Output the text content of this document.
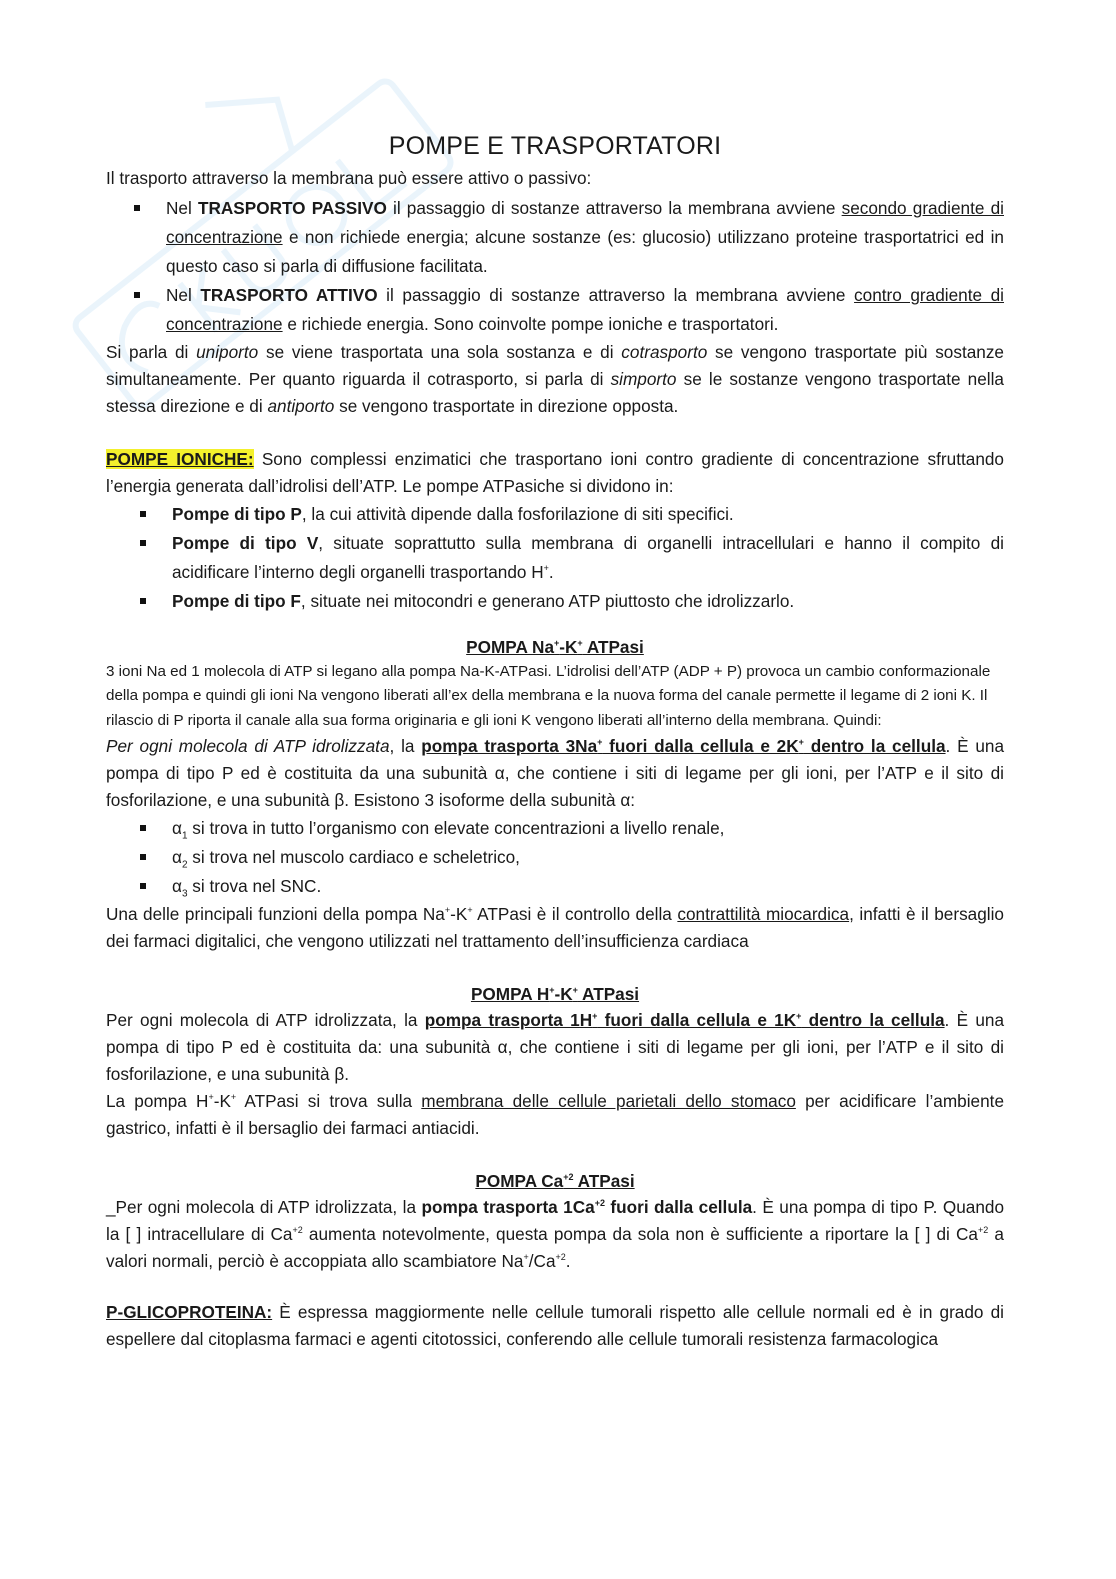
POMPE E TRASPORTATORI

Il trasporto attraverso la membrana può essere attivo o passivo:

Nel TRASPORTO PASSIVO il passaggio di sostanze attraverso la membrana avviene secondo gradiente di concentrazione e non richiede energia; alcune sostanze (es: glucosio) utilizzano proteine trasportatrici ed in questo caso si parla di diffusione facilitata.
Nel TRASPORTO ATTIVO il passaggio di sostanze attraverso la membrana avviene contro gradiente di concentrazione e richiede energia. Sono coinvolte pompe ioniche e trasportatori.

Si parla di uniporto se viene trasportata una sola sostanza e di cotrasporto se vengono trasportate più sostanze simultaneamente. Per quanto riguarda il cotrasporto, si parla di simporto se le sostanze vengono trasportate nella stessa direzione e di antiporto se vengono trasportate in direzione opposta.

POMPE IONICHE: Sono complessi enzimatici che trasportano ioni contro gradiente di concentrazione sfruttando l’energia generata dall’idrolisi dell’ATP. Le pompe ATPasiche si dividono in:

Pompe di tipo P, la cui attività dipende dalla fosforilazione di siti specifici.
Pompe di tipo V, situate soprattutto sulla membrana di organelli intracellulari e hanno il compito di acidificare l’interno degli organelli trasportando H+.
Pompe di tipo F, situate nei mitocondri e generano ATP piuttosto che idrolizzarlo.
POMPA Na+-K+ ATPasi

3 ioni Na ed 1 molecola di ATP si legano alla pompa Na-K-ATPasi. L’idrolisi dell’ATP (ADP + P) provoca un cambio conformazionale della pompa e quindi gli ioni Na vengono liberati all’ex della membrana e la nuova forma del canale permette il legame di 2 ioni K. Il rilascio di P riporta il canale alla sua forma originaria e gli ioni K vengono liberati all’interno della membrana. Quindi:

Per ogni molecola di ATP idrolizzata, la pompa trasporta 3Na+ fuori dalla cellula e 2K+ dentro la cellula. È una pompa di tipo P ed è costituita da una subunità α, che contiene i siti di legame per gli ioni, per l’ATP e il sito di fosforilazione, e una subunità β. Esistono 3 isoforme della subunità α:

$\alpha_1$ si trova in tutto l’organismo con elevate concentrazioni a livello renale,
$\alpha_2$ si trova nel muscolo cardiaco e scheletrico,
$\alpha_3$ si trova nel SNC.

Una delle principali funzioni della pompa Na+-K+ ATPasi è il controllo della contrattilità miocardica, infatti è il bersaglio dei farmaci digitalici, che vengono utilizzati nel trattamento dell’insufficienza cardiaca

POMPA H+-K+ ATPasi

Per ogni molecola di ATP idrolizzata, la pompa trasporta 1H+ fuori dalla cellula e 1K+ dentro la cellula. È una pompa di tipo P ed è costituita da: una subunità α, che contiene i siti di legame per gli ioni, per l’ATP e il sito di fosforilazione, e una subunità β.

La pompa H+-K+ ATPasi si trova sulla membrana delle cellule parietali dello stomaco per acidificare l’ambiente gastrico, infatti è il bersaglio dei farmaci antiacidi.

POMPA $Ca^{+2}$ ATPasi

_Per ogni molecola di ATP idrolizzata, la pompa trasporta $1Ca^{+2}$ fuori dalla cellula. È una pompa di tipo P. Quando la [ ] intracellulare di $Ca^{+2}$ aumenta notevolmente, questa pompa da sola non è sufficiente a riportare la [ ] di $Ca^{+2}$ a valori normali, perciò è accoppiata allo scambiatore $Na^+/Ca^{+2}$.

P-GLICOPROTEINA: È espressa maggiormente nelle cellule tumorali rispetto alle cellule normali ed è in grado di espellere dal citoplasma farmaci e agenti citotossici, conferendo alle cellule tumorali resistenza farmacologica
